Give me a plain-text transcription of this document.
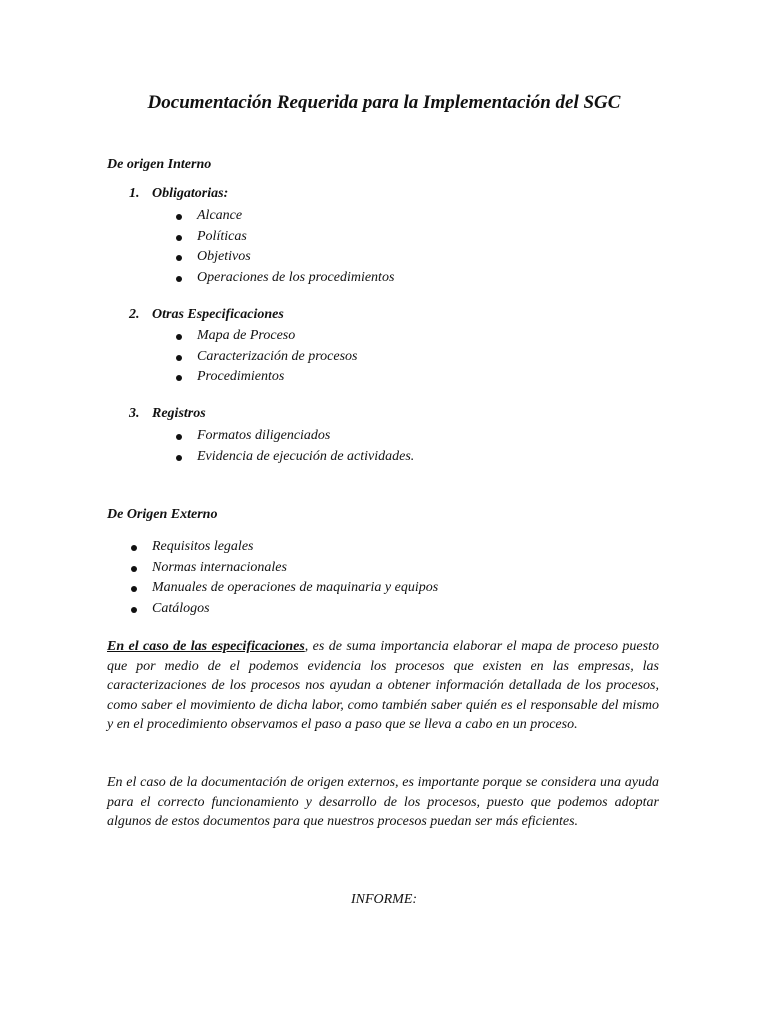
Documentación Requerida para la Implementación del SGC

De origen Interno

1. Obligatorias:

Alcance
Políticas
Objetivos
Operaciones de los procedimientos

2. Otras Especificaciones

Mapa de Proceso
Caracterización de procesos
Procedimientos

3. Registros

Formatos diligenciados
Evidencia de ejecución de actividades.

De Origen Externo

Requisitos legales
Normas internacionales
Manuales de operaciones de maquinaria y equipos
Catálogos

En el caso de las especificaciones, es de suma importancia elaborar el mapa de proceso puesto que por medio de el podemos evidencia los procesos que existen en las empresas, las caracterizaciones de los procesos nos ayudan a obtener información detallada de los procesos, como saber el movimiento de dicha labor, como también saber quién es el responsable del mismo y en el procedimiento observamos el paso a paso que se lleva a cabo en un proceso.

En el caso de la documentación de origen externos, es importante porque se considera una ayuda para el correcto funcionamiento y desarrollo de los procesos, puesto que podemos adoptar algunos de estos documentos para que nuestros procesos puedan ser más eficientes.

INFORME:
